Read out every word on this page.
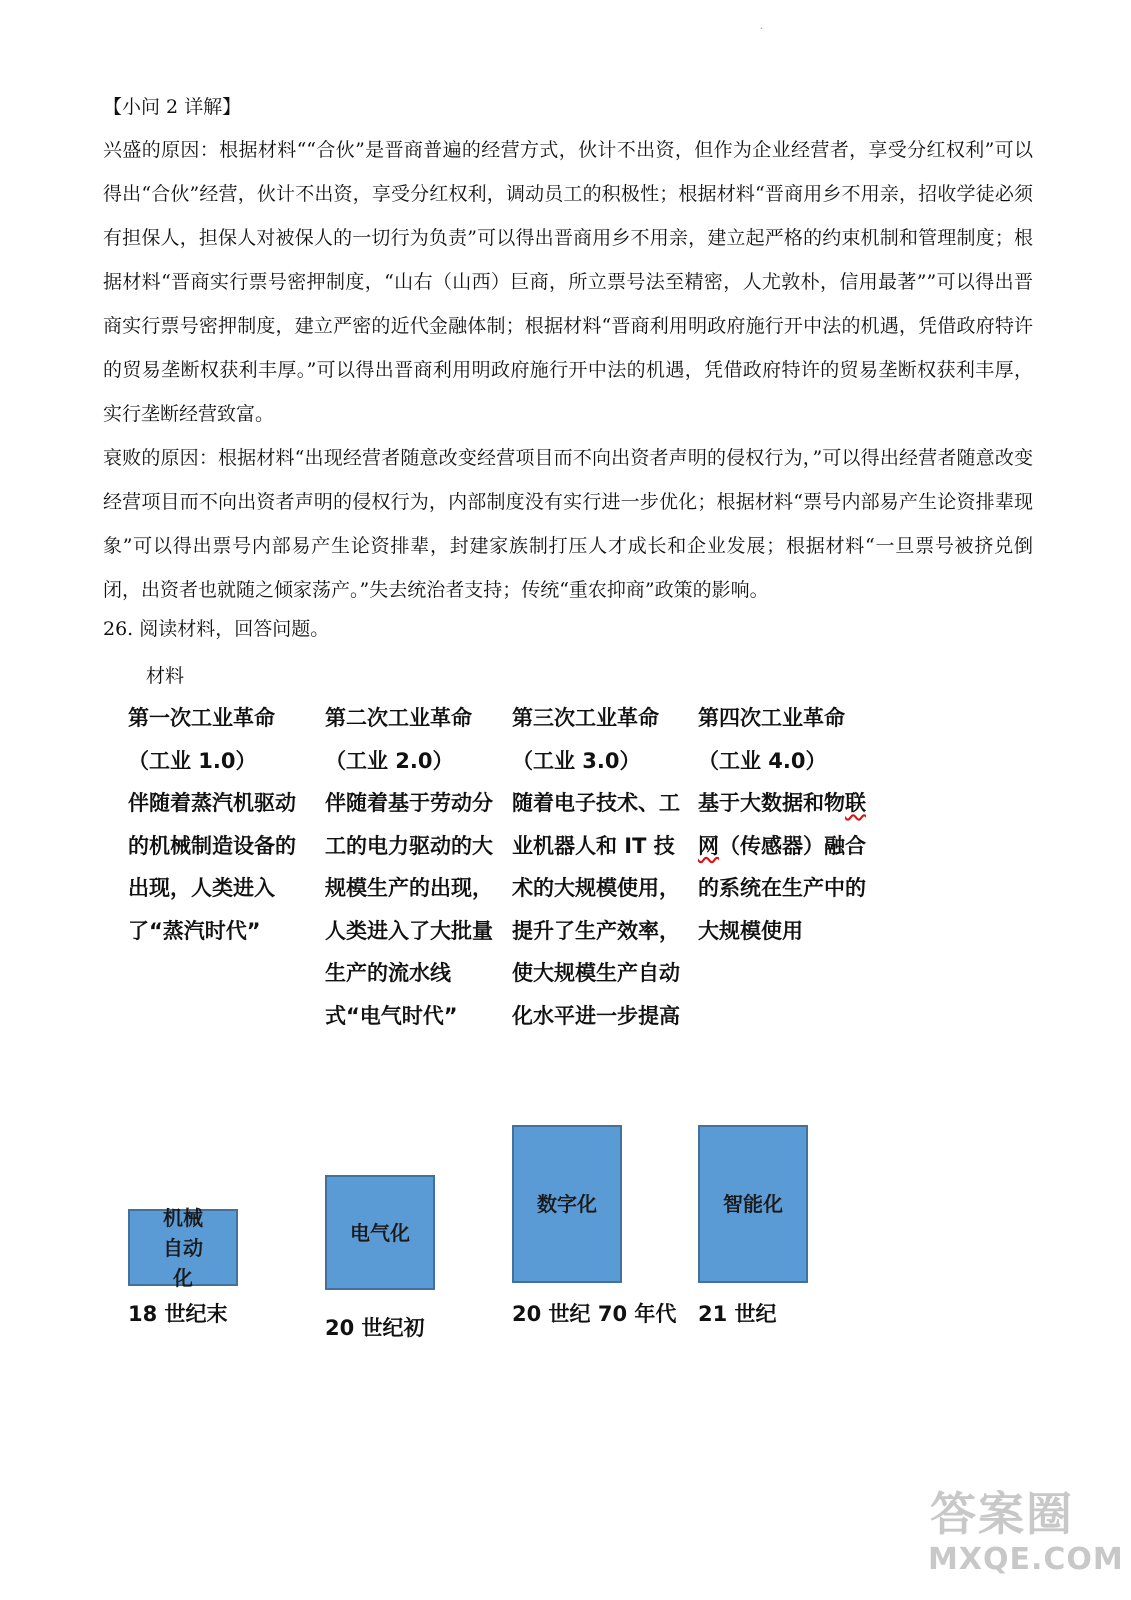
·
【小问 2 详解】

兴盛的原因：根据材料““合伙”是晋商普遍的经营方式，伙计不出资，但作为企业经营者，享受分红权利”可以得出“合伙”经营，伙计不出资，享受分红权利，调动员工的积极性；根据材料“晋商用乡不用亲，招收学徒必须有担保人，担保人对被保人的一切行为负责”可以得出晋商用乡不用亲，建立起严格的约束机制和管理制度；根据材料“晋商实行票号密押制度，“山右（山西）巨商，所立票号法至精密，人尤敦朴，信用最著””可以得出晋商实行票号密押制度，建立严密的近代金融体制；根据材料“晋商利用明政府施行开中法的机遇，凭借政府特许的贸易垄断权获利丰厚。”可以得出晋商利用明政府施行开中法的机遇，凭借政府特许的贸易垄断权获利丰厚，实行垄断经营致富。

衰败的原因：根据材料“出现经营者随意改变经营项目而不向出资者声明的侵权行为，”可以得出经营者随意改变经营项目而不向出资者声明的侵权行为，内部制度没有实行进一步优化；根据材料“票号内部易产生论资排辈现象”可以得出票号内部易产生论资排辈，封建家族制打压人才成长和企业发展；根据材料“一旦票号被挤兑倒闭，出资者也就随之倾家荡产。”失去统治者支持；传统“重农抑商”政策的影响。

26. 阅读材料，回答问题。
材料
第一次工业革命
（工业 1.0）
伴随着蒸汽机驱动的机械制造设备的出现，人类进入了“蒸汽时代”
第二次工业革命
（工业 2.0）
伴随着基于劳动分工的电力驱动的大规模生产的出现，人类进入了大批量生产的流水线式“电气时代”
第三次工业革命
（工业 3.0）
随着电子技术、工业机器人和 IT 技术的大规模使用，提升了生产效率，使大规模生产自动化水平进一步提高
第四次工业革命
（工业 4.0）
基于大数据和物联网（传感器）融合的系统在生产中的大规模使用
机械自动化
电气化
数字化	智能化
18 世纪末
20 世纪初
20 世纪 70 年代 21 世纪
答案圈
MXQE.COM
